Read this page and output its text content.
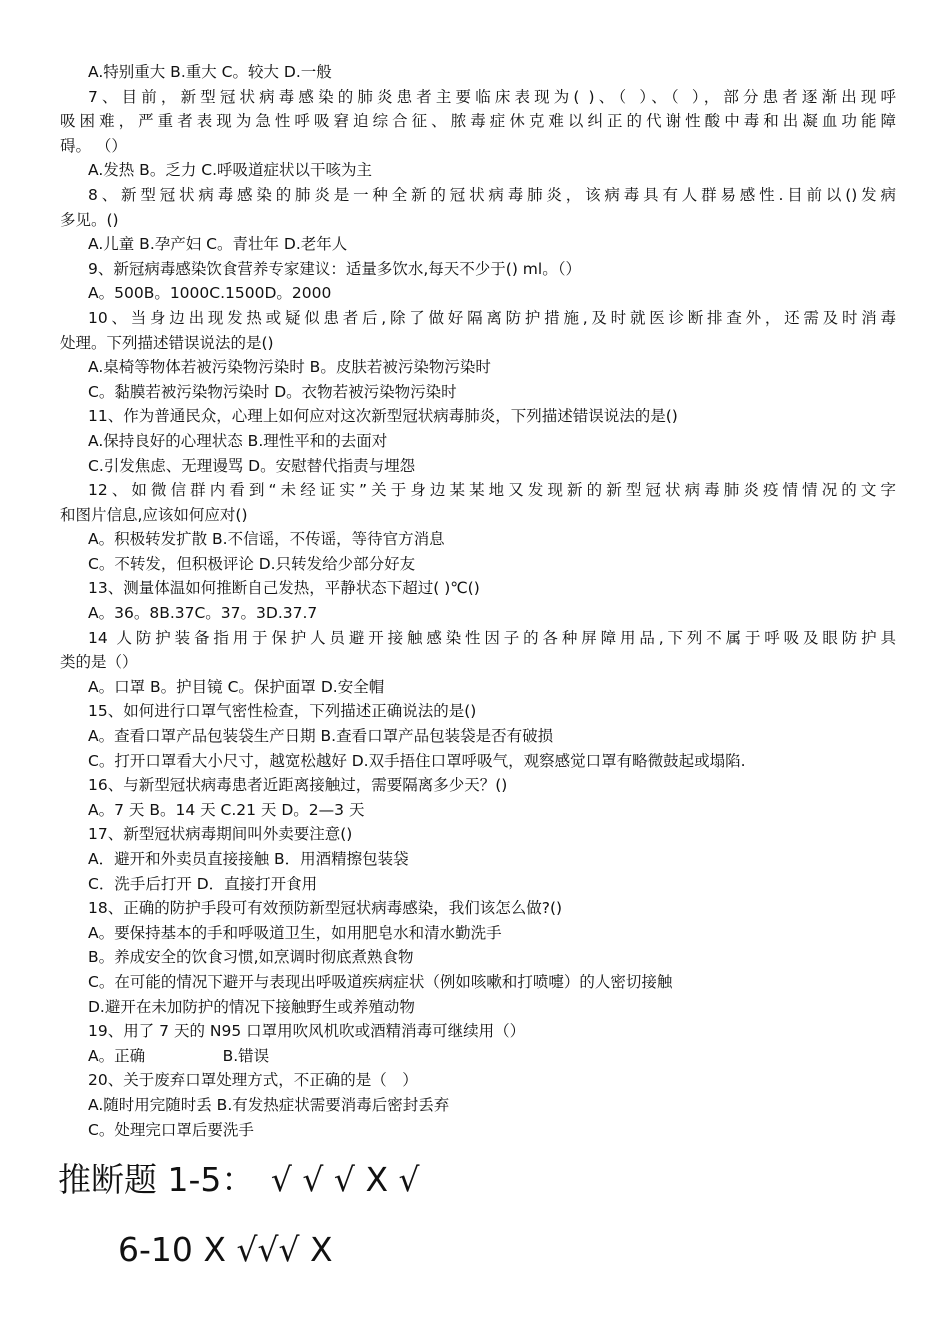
A.特别重大 B.重大 C。较大 D.一般
7、目前，新型冠状病毒感染的肺炎患者主要临床表现为( )、（ ）、（ ），部分患者逐渐出现呼
吸困难，严重者表现为急性呼吸窘迫综合征、脓毒症休克难以纠正的代谢性酸中毒和出凝血功能障
碍。 （）
A.发热 B。乏力 C.呼吸道症状以干咳为主
8、新型冠状病毒感染的肺炎是一种全新的冠状病毒肺炎，该病毒具有人群易感性.目前以()发病
多见。()
A.儿童 B.孕产妇 C。青壮年 D.老年人
9、新冠病毒感染饮食营养专家建议：适量多饮水,每天不少于() ml。（）
A。500B。1000C.1500D。2000
10、当身边出现发热或疑似患者后,除了做好隔离防护措施,及时就医诊断排查外，还需及时消毒
处理。下列描述错误说法的是()
A.桌椅等物体若被污染物污染时 B。皮肤若被污染物污染时
C。黏膜若被污染物污染时 D。衣物若被污染物污染时
11、作为普通民众，心理上如何应对这次新型冠状病毒肺炎，下列描述错误说法的是()
A.保持良好的心理状态 B.理性平和的去面对
C.引发焦虑、无理谩骂 D。安慰替代指责与埋怨
12、如微信群内看到“未经证实”关于身边某某地又发现新的新型冠状病毒肺炎疫情情况的文字
和图片信息,应该如何应对()
A。积极转发扩散 B.不信谣，不传谣，等待官方消息
C。不转发，但积极评论 D.只转发给少部分好友
13、测量体温如何推断自己发热，平静状态下超过( )℃()
A。36。8B.37C。37。3D.37.7
14 人防护装备指用于保护人员避开接触感染性因子的各种屏障用品,下列不属于呼吸及眼防护具
类的是（）
A。口罩 B。护目镜 C。保护面罩 D.安全帽
15、如何进行口罩气密性检查，下列描述正确说法的是()
A。查看口罩产品包装袋生产日期 B.查看口罩产品包装袋是否有破损
C。打开口罩看大小尺寸，越宽松越好 D.双手捂住口罩呼吸气，观察感觉口罩有略微鼓起或塌陷.
16、与新型冠状病毒患者近距离接触过，需要隔离多少天？()
A。7 天 B。14 天 C.21 天 D。2—3 天
17、新型冠状病毒期间叫外卖要注意()
A．避开和外卖员直接接触 B．用酒精擦包装袋
C．洗手后打开 D．直接打开食用
18、正确的防护手段可有效预防新型冠状病毒感染，我们该怎么做?()
A。要保持基本的手和呼吸道卫生，如用肥皂水和清水勤洗手
B。养成安全的饮食习惯,如烹调时彻底煮熟食物
C。在可能的情况下避开与表现出呼吸道疾病症状（例如咳嗽和打喷嚏）的人密切接触
D.避开在未加防护的情况下接触野生或养殖动物
19、用了 7 天的 N95 口罩用吹风机吹或酒精消毒可继续用（）
A。正确　　　　　B.错误
20、关于废弃口罩处理方式，不正确的是（　）
A.随时用完随时丢 B.有发热症状需要消毒后密封丢弃
C。处理完口罩后要洗手
推断题 1-5：　√ √ √ X √
6-10 X √√√ X
